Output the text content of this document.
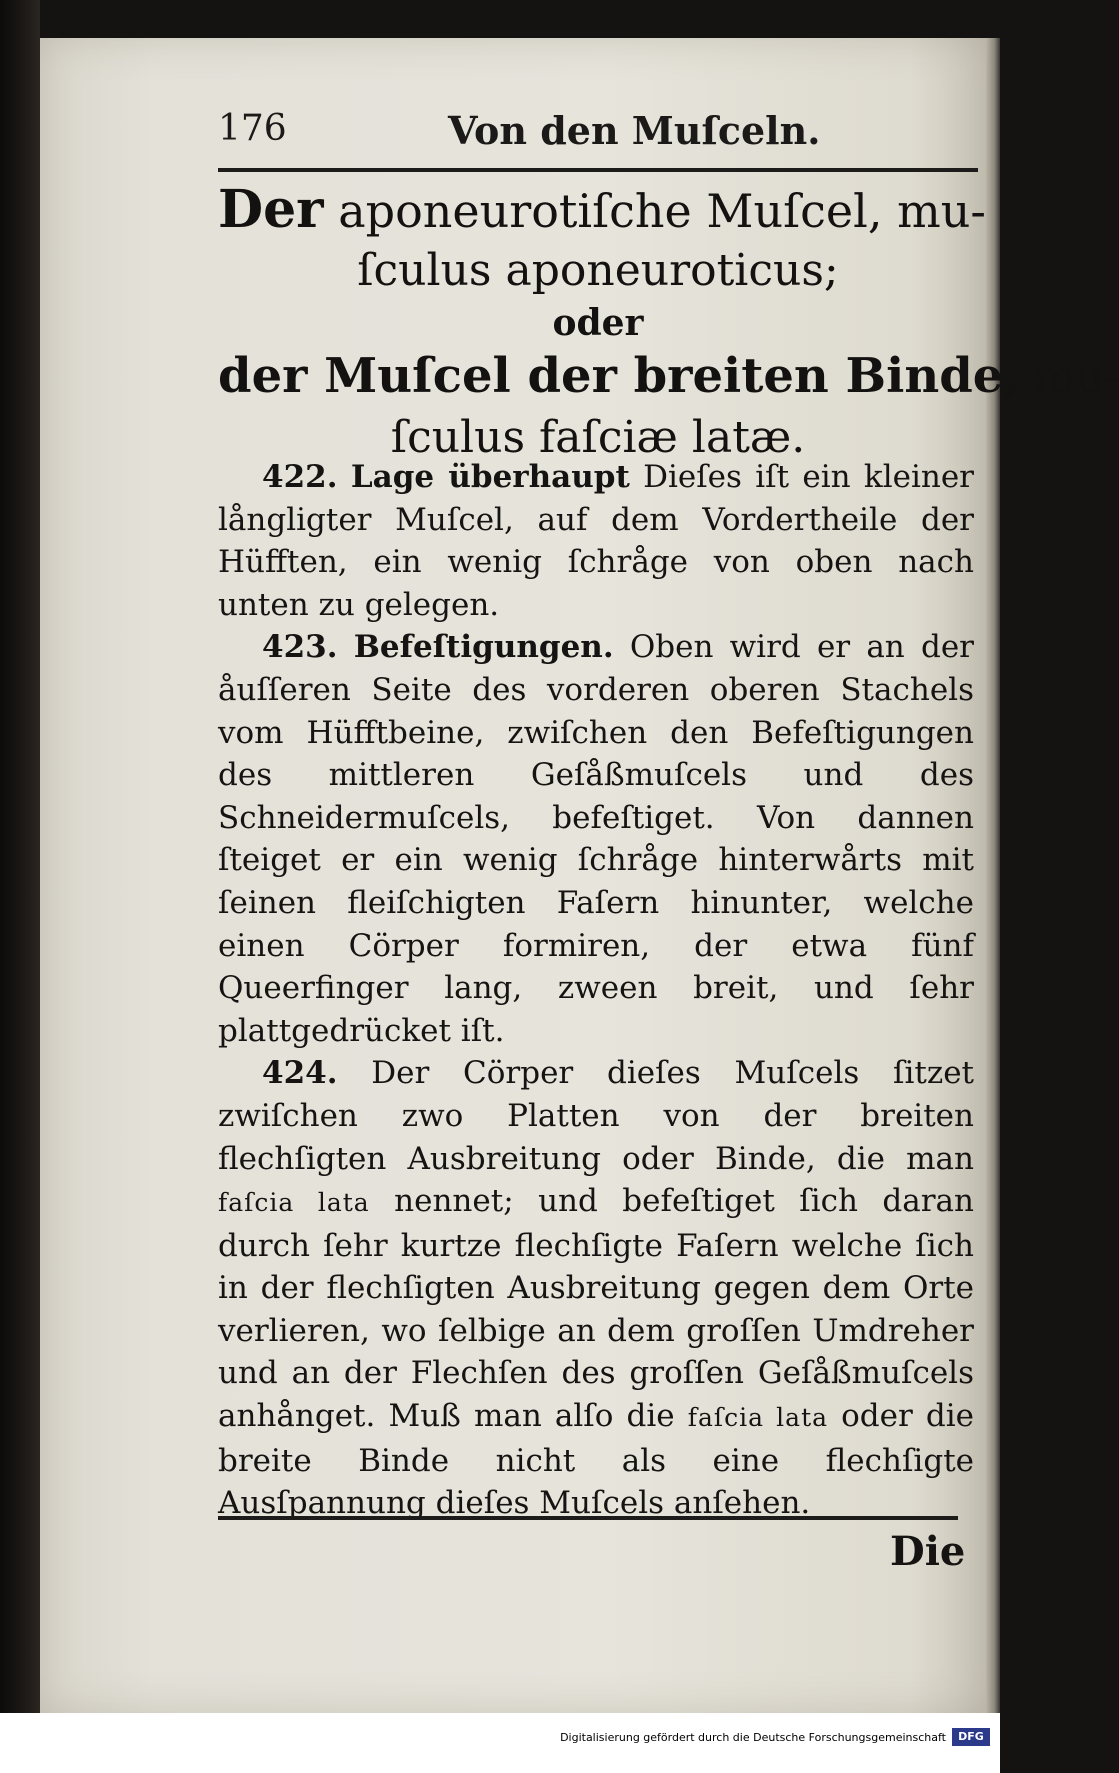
176	Von den Muſceln.
Der aponeurotiſche Muſcel, mu-
ſculus aponeuroticus;
oder
der Muſcel der breiten Binde, mu-
ſculus faſciæ latæ.

422. Lage überhaupt Dieſes iſt ein kleiner långligter Muſcel, auf dem Vordertheile der Hüfften, ein wenig ſchråge von oben nach unten zu gelegen.

423. Befeſtigungen. Oben wird er an der åuſſeren Seite des vorderen oberen Stachels vom Hüfftbeine, zwiſchen den Befeſtigungen des mittleren Geſåßmuſcels und des Schneidermuſcels, befeſtiget. Von dannen ſteiget er ein wenig ſchråge hinterwårts mit ſeinen fleiſchigten Faſern hinunter, welche einen Cörper formiren, der etwa fünf Queerfinger lang, zween breit, und ſehr plattgedrücket iſt.

424. Der Cörper dieſes Muſcels ſitzet zwiſchen zwo Platten von der breiten flechſigten Ausbreitung oder Binde, die man faſcia lata nennet; und befeſtiget ſich daran durch ſehr kurtze flechſigte Faſern welche ſich in der flechſigten Ausbreitung gegen dem Orte verlieren, wo ſelbige an dem groſſen Umdreher und an der Flechſen des groſſen Geſåßmuſcels anhånget. Muß man alſo die faſcia lata oder die breite Binde nicht als eine flechſigte Ausſpannung dieſes Muſcels anſehen.

Die
Digitalisierung gefördert durch die Deutsche Forschungsgemeinschaft	DFG
